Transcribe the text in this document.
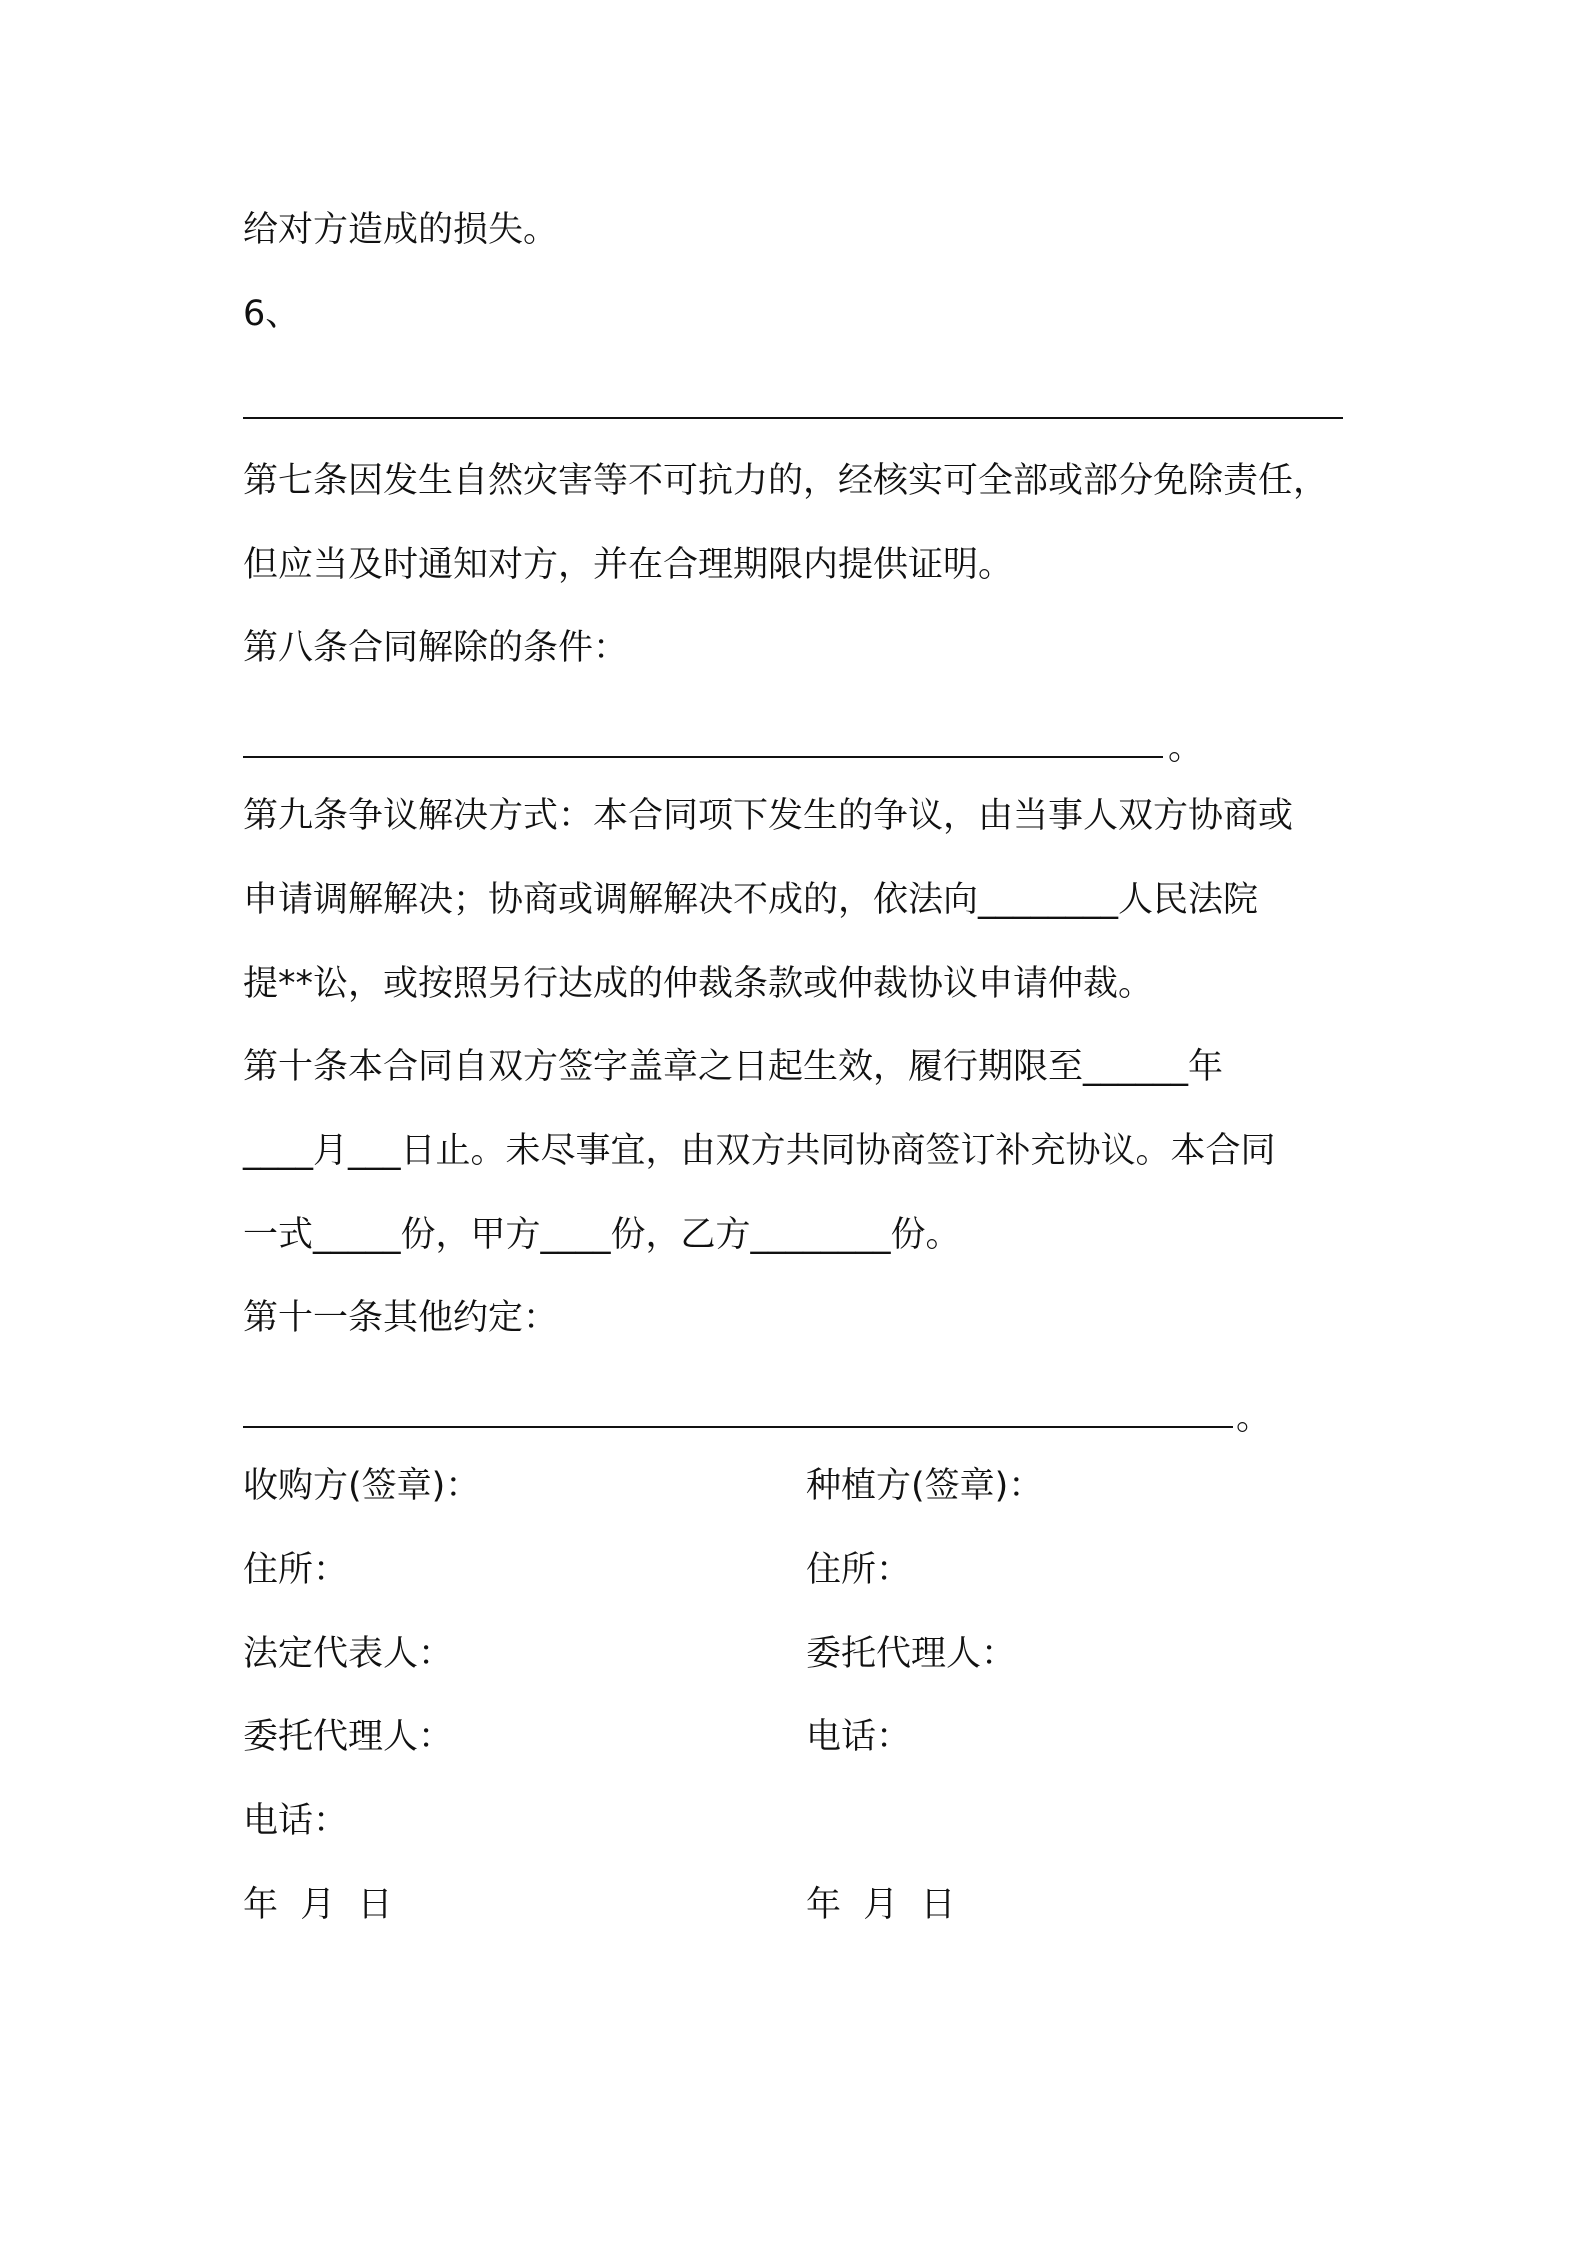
给对方造成的损失。
6、
第七条因发生自然灾害等不可抗力的，经核实可全部或部分免除责任，
但应当及时通知对方，并在合理期限内提供证明。
第八条合同解除的条件：
。
第九条争议解决方式：本合同项下发生的争议，由当事人双方协商或
申请调解解决；协商或调解解决不成的，依法向________人民法院
提**讼，或按照另行达成的仲裁条款或仲裁协议申请仲裁。
第十条本合同自双方签字盖章之日起生效，履行期限至______年
____月___日止。未尽事宜，由双方共同协商签订补充协议。本合同
一式_____份，甲方____份，乙方________份。
第十一条其他约定：
。
收购方(签章)：
住所：
法定代表人：
委托代理人：
电话：
年  月  日
种植方(签章)：
住所：
委托代理人：
电话：
年  月  日
